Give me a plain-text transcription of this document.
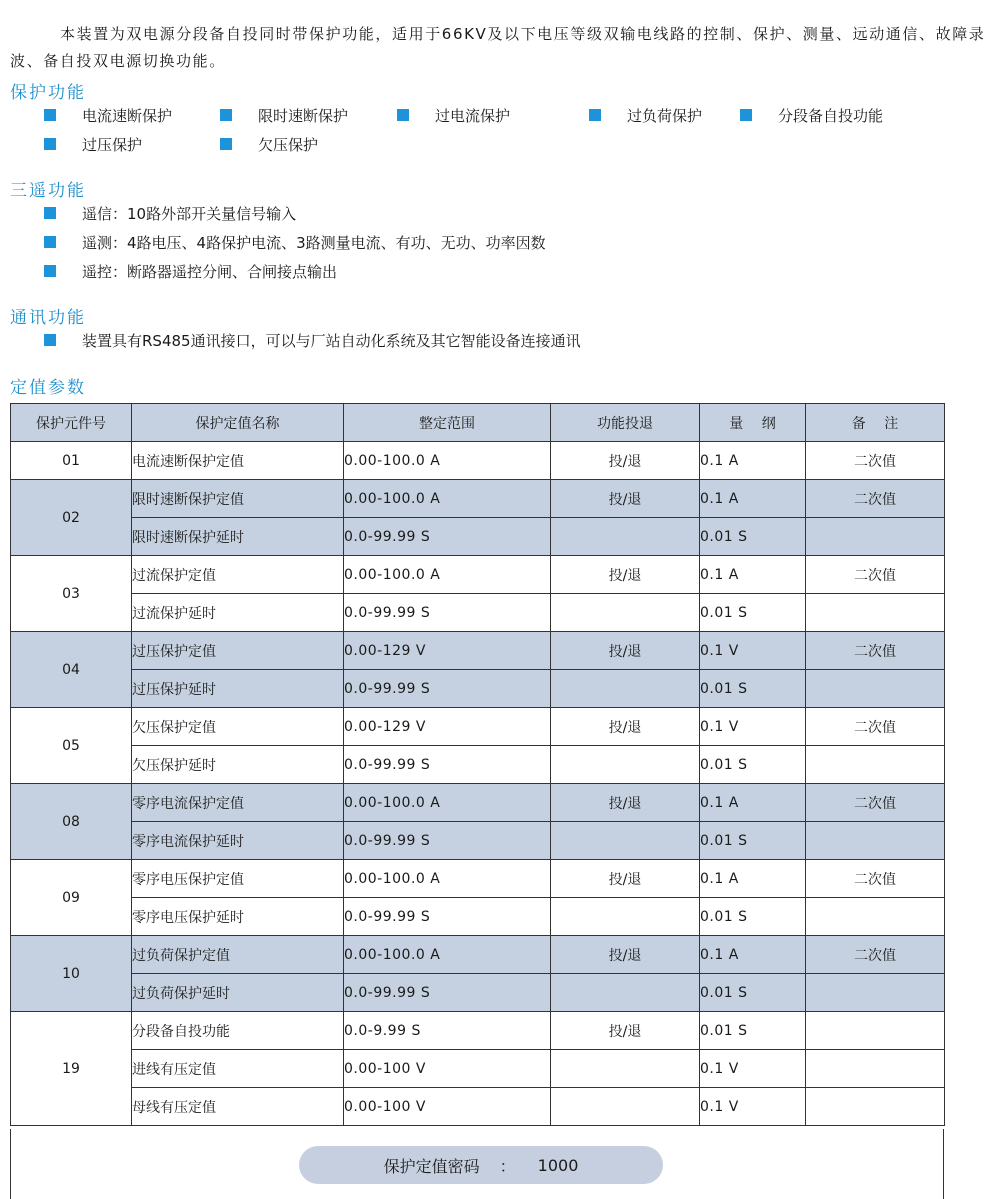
本装置为双电源分段备自投同时带保护功能，适用于66KV及以下电压等级双输电线路的控制、保护、测量、远动通信、故障录波、备自投双电源切换功能。

保护功能
电流速断保护	限时速断保护	过电流保护	过负荷保护	分段备自投功能
过压保护	欠压保护
三遥功能
遥信：10路外部开关量信号输入
遥测：4路电压、4路保护电流、3路测量电流、有功、无功、功率因数
遥控：断路器遥控分闸、合闸接点输出
通讯功能
装置具有RS485通讯接口，可以与厂站自动化系统及其它智能设备连接通讯
定值参数
保护元件号	保护定值名称	整定范围	功能投退	量　 纲	备　 注
01	电流速断保护定值	0.00-100.0 A	投/退	0.1 A	二次值
02	限时速断保护定值	0.00-100.0 A	投/退	0.1 A	二次值
	限时速断保护延时	0.0-99.99 S		0.01 S	
03	过流保护定值	0.00-100.0 A	投/退	0.1 A	二次值
	过流保护延时	0.0-99.99 S		0.01 S	
04	过压保护定值	0.00-129 V	投/退	0.1 V	二次值
	过压保护延时	0.0-99.99 S		0.01 S	
05	欠压保护定值	0.00-129 V	投/退	0.1 V	二次值
	欠压保护延时	0.0-99.99 S		0.01 S	
08	零序电流保护定值	0.00-100.0 A	投/退	0.1 A	二次值
	零序电流保护延时	0.0-99.99 S		0.01 S	
09	零序电压保护定值	0.00-100.0 A	投/退	0.1 A	二次值
	零序电压保护延时	0.0-99.99 S		0.01 S	
10	过负荷保护定值	0.00-100.0 A	投/退	0.1 A	二次值
	过负荷保护延时	0.0-99.99 S		0.01 S	
19	分段备自投功能	0.0-9.99 S	投/退	0.01 S	
	进线有压定值	0.00-100 V		0.1 V	
	母线有压定值	0.00-100 V		0.1 V	
保护定值密码 ： 1000
